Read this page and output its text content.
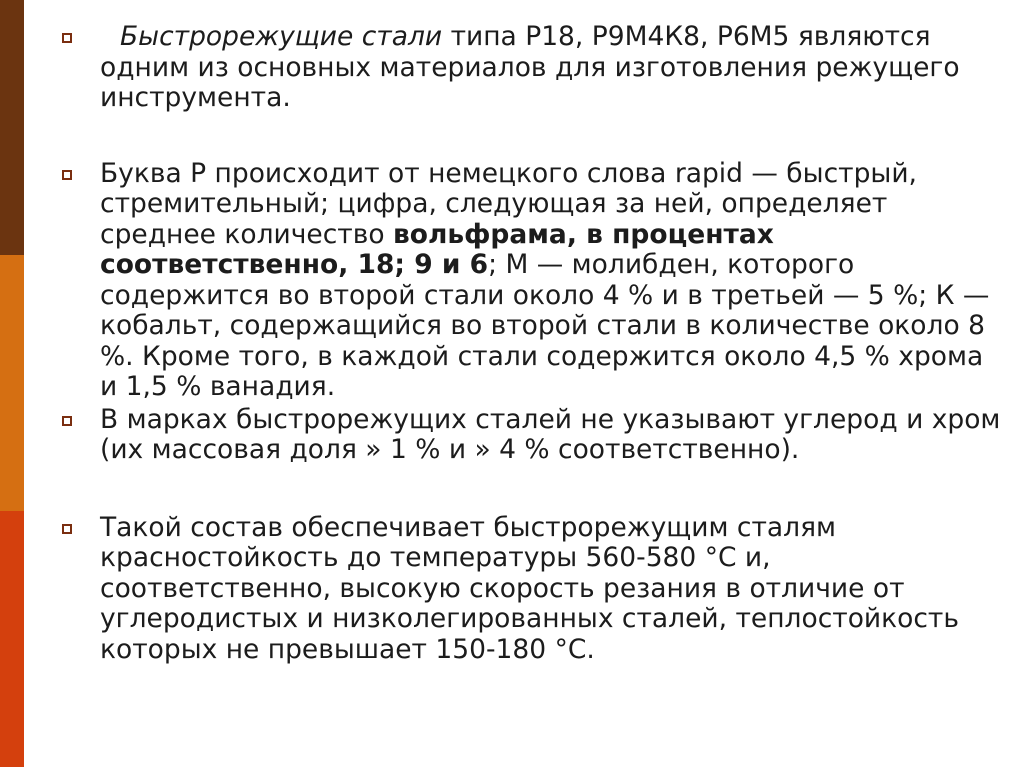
Быстрорежущие стали типа Р18, Р9М4К8, Р6М5 являются одним из основных материалов для изготовления режущего инструмента.
Буква Р происходит от немецкого слова rapid — быстрый, стремительный; цифра, следующая за ней, определяет среднее количество вольфрама, в процентах соответственно, 18; 9 и 6; М — молибден, которого содержится во второй стали около 4 % и в третьей — 5 %; К — кобальт, содержащийся во второй стали в количестве около 8 %. Кроме того, в каждой стали содержится около 4,5 % хрома и 1,5 % ванадия.
В марках быстрорежущих сталей не указывают углерод и хром (их массовая доля » 1 % и » 4 % соответственно).
Такой состав обеспечивает быстрорежущим сталям красностойкость до температуры 560-580 °С и, соответственно, высокую скорость резания в отличие от углеродистых и низколегированных сталей, теплостойкость которых не превышает 150-180 °С.
